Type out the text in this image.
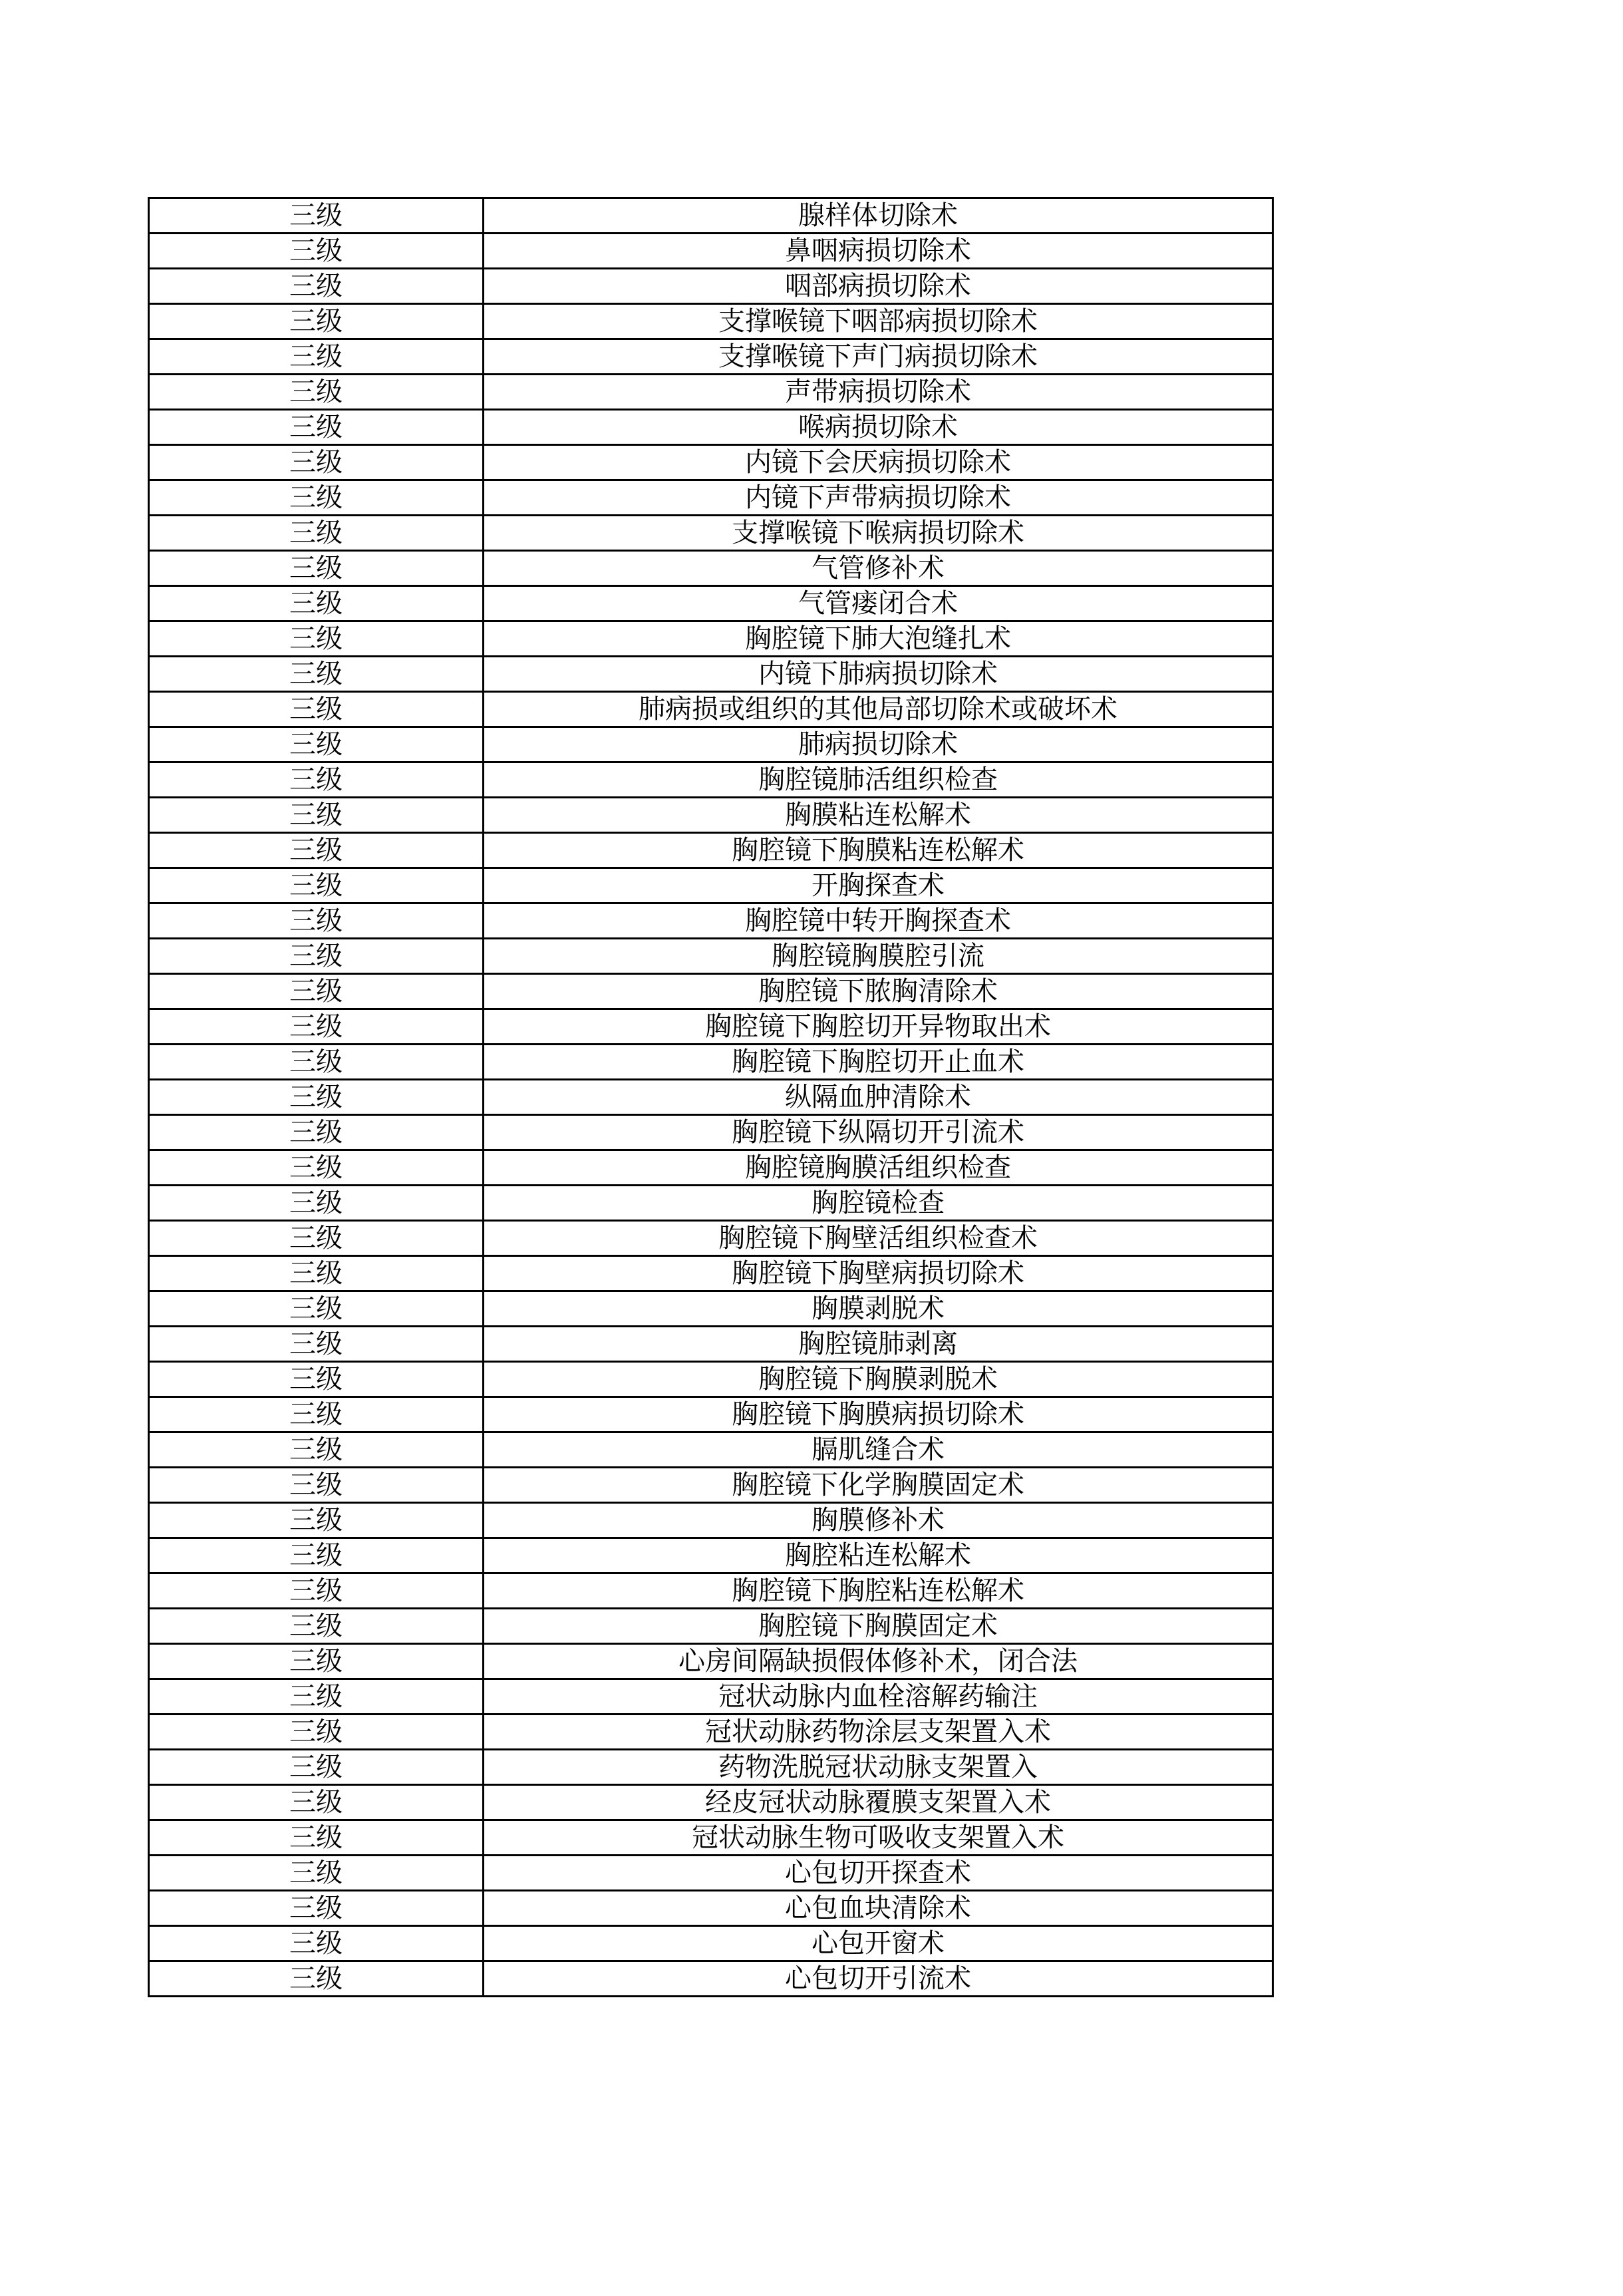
三级	腺样体切除术
三级	鼻咽病损切除术
三级	咽部病损切除术
三级	支撑喉镜下咽部病损切除术
三级	支撑喉镜下声门病损切除术
三级	声带病损切除术
三级	喉病损切除术
三级	内镜下会厌病损切除术
三级	内镜下声带病损切除术
三级	支撑喉镜下喉病损切除术
三级	气管修补术
三级	气管瘘闭合术
三级	胸腔镜下肺大泡缝扎术
三级	内镜下肺病损切除术
三级	肺病损或组织的其他局部切除术或破坏术
三级	肺病损切除术
三级	胸腔镜肺活组织检查
三级	胸膜粘连松解术
三级	胸腔镜下胸膜粘连松解术
三级	开胸探查术
三级	胸腔镜中转开胸探查术
三级	胸腔镜胸膜腔引流
三级	胸腔镜下脓胸清除术
三级	胸腔镜下胸腔切开异物取出术
三级	胸腔镜下胸腔切开止血术
三级	纵隔血肿清除术
三级	胸腔镜下纵隔切开引流术
三级	胸腔镜胸膜活组织检查
三级	胸腔镜检查
三级	胸腔镜下胸壁活组织检查术
三级	胸腔镜下胸壁病损切除术
三级	胸膜剥脱术
三级	胸腔镜肺剥离
三级	胸腔镜下胸膜剥脱术
三级	胸腔镜下胸膜病损切除术
三级	膈肌缝合术
三级	胸腔镜下化学胸膜固定术
三级	胸膜修补术
三级	胸腔粘连松解术
三级	胸腔镜下胸腔粘连松解术
三级	胸腔镜下胸膜固定术
三级	心房间隔缺损假体修补术，闭合法
三级	冠状动脉内血栓溶解药输注
三级	冠状动脉药物涂层支架置入术
三级	药物洗脱冠状动脉支架置入
三级	经皮冠状动脉覆膜支架置入术
三级	冠状动脉生物可吸收支架置入术
三级	心包切开探查术
三级	心包血块清除术
三级	心包开窗术
三级	心包切开引流术
